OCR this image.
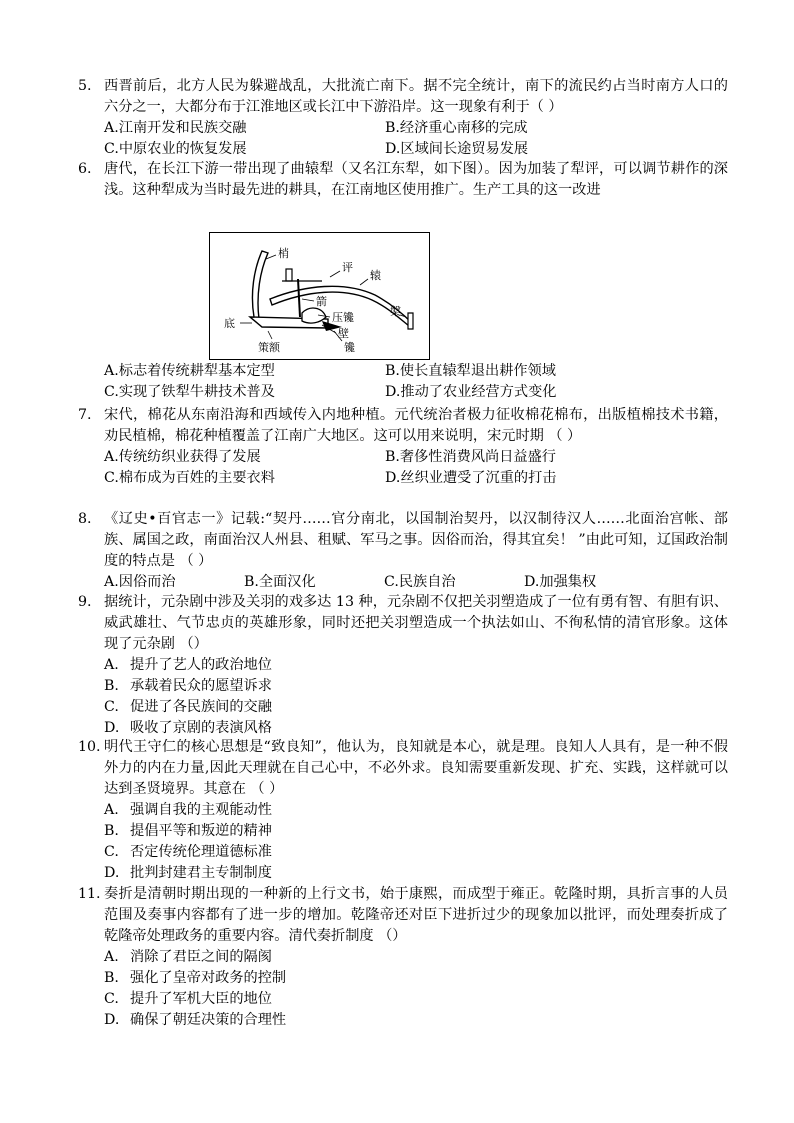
5. 西晋前后，北方人民为躲避战乱，大批流亡南下。据不完全统计，南下的流民约占当时南方人口的六分之一，大都分布于江淮地区或长江中下游沿岸。这一现象有利于（ ）
A.江南开发和民族交融	B.经济重心南移的完成
C.中原农业的恢复发展	D.区域间长途贸易发展
6. 唐代，在长江下游一带出现了曲辕犁（又名江东犁，如下图）。因为加装了犁评，可以调节耕作的深浅。这种犁成为当时最先进的耕具，在江南地区使用推广。生产工具的这一改进
梢
评
辕
箭
槃
底	压镵
壁
策额	镵
A.标志着传统耕犁基本定型	B.使长直辕犁退出耕作领域
C.实现了铁犁牛耕技术普及	D.推动了农业经营方式变化
7. 宋代，棉花从东南沿海和西域传入内地种植。元代统治者极力征收棉花棉布，出版植棉技术书籍，劝民植棉，棉花种植覆盖了江南广大地区。这可以用来说明，宋元时期 （ ）
A.传统纺织业获得了发展	B.奢侈性消费风尚日益盛行
C.棉布成为百姓的主要衣料	D.丝织业遭受了沉重的打击
8. 《辽史•百官志一》记载:“契丹……官分南北，以国制治契丹，以汉制待汉人……北面治宫帐、部族、属国之政，南面治汉人州县、租赋、军马之事。因俗而治，得其宜矣！ ”由此可知，辽国政治制度的特点是 （ ）
A.因俗而治	B.全面汉化	C.民族自治	D.加强集权
9. 据统计，元杂剧中涉及关羽的戏多达 13 种，元杂剧不仅把关羽塑造成了一位有勇有智、有胆有识、威武雄壮、气节忠贞的英雄形象，同时还把关羽塑造成一个执法如山、不徇私情的清官形象。这体现了元杂剧 （）
A. 提升了艺人的政治地位
B. 承载着民众的愿望诉求
C. 促进了各民族间的交融
D. 吸收了京剧的表演风格
10. 明代王守仁的核心思想是“致良知”，他认为，良知就是本心，就是理。良知人人具有，是一种不假外力的内在力量,因此天理就在自己心中，不必外求。良知需要重新发现、扩充、实践，这样就可以达到圣贤境界。其意在 （ ）
A. 强调自我的主观能动性
B. 提倡平等和叛逆的精神
C. 否定传统伦理道德标准
D. 批判封建君主专制制度
11. 奏折是清朝时期出现的一种新的上行文书，始于康熙，而成型于雍正。乾隆时期，具折言事的人员范围及奏事内容都有了进一步的增加。乾隆帝还对臣下进折过少的现象加以批评，而处理奏折成了乾隆帝处理政务的重要内容。清代奏折制度 （）
A. 消除了君臣之间的隔阂
B. 强化了皇帝对政务的控制
C. 提升了军机大臣的地位
D. 确保了朝廷决策的合理性
